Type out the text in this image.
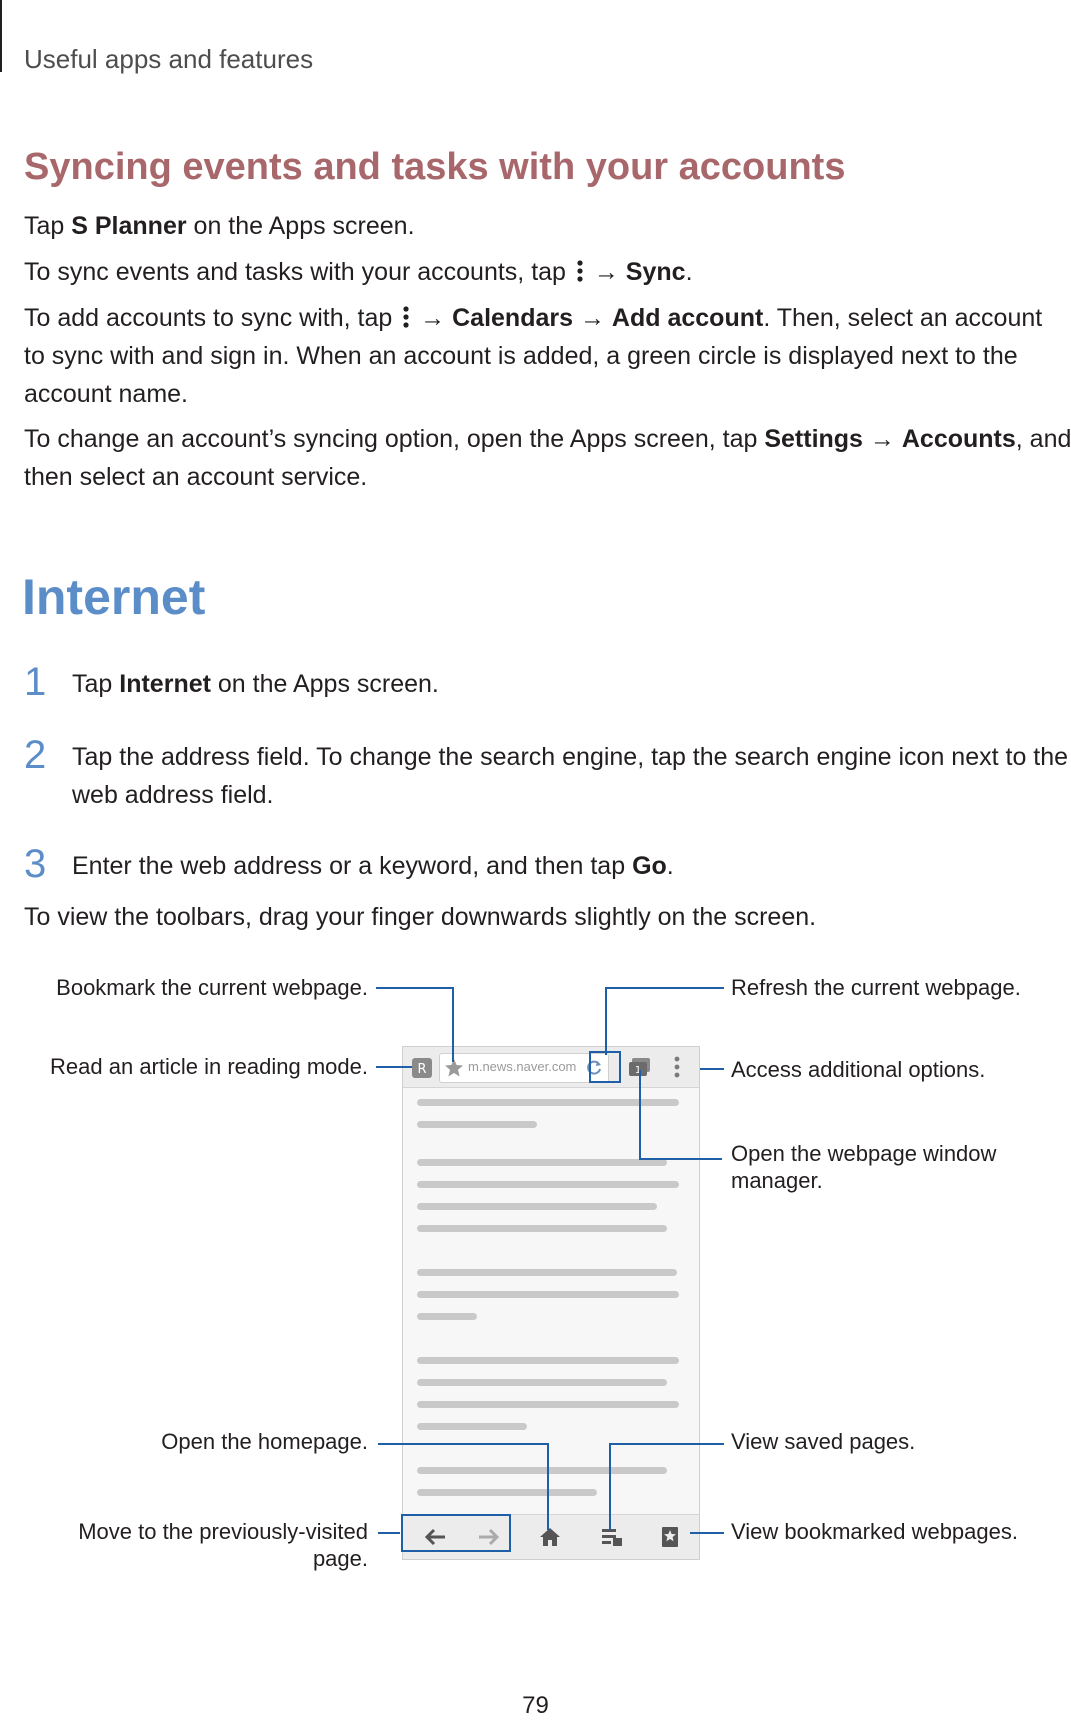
Useful apps and features
Syncing events and tasks with your accounts
Tap S Planner on the Apps screen.
To sync events and tasks with your accounts, tap  → Sync.
To add accounts to sync with, tap  → Calendars → Add account. Then, select an account
to sync with and sign in. When an account is added, a green circle is displayed next to the
account name.
To change an account’s syncing option, open the Apps screen, tap Settings → Accounts, and
then select an account service.
Internet
1 Tap Internet on the Apps screen.
2 Tap the address field. To change the search engine, tap the search engine icon next to the
web address field.
3 Enter the web address or a keyword, and then tap Go.
To view the toolbars, drag your finger downwards slightly on the screen.
R	m.news.naver.com	1
Bookmark the current webpage.
Read an article in reading mode.
Refresh the current webpage.
Access additional options.
Open the webpage window
manager.
Open the homepage.
Move to the previously-visited
page.
View saved pages.
View bookmarked webpages.
79
